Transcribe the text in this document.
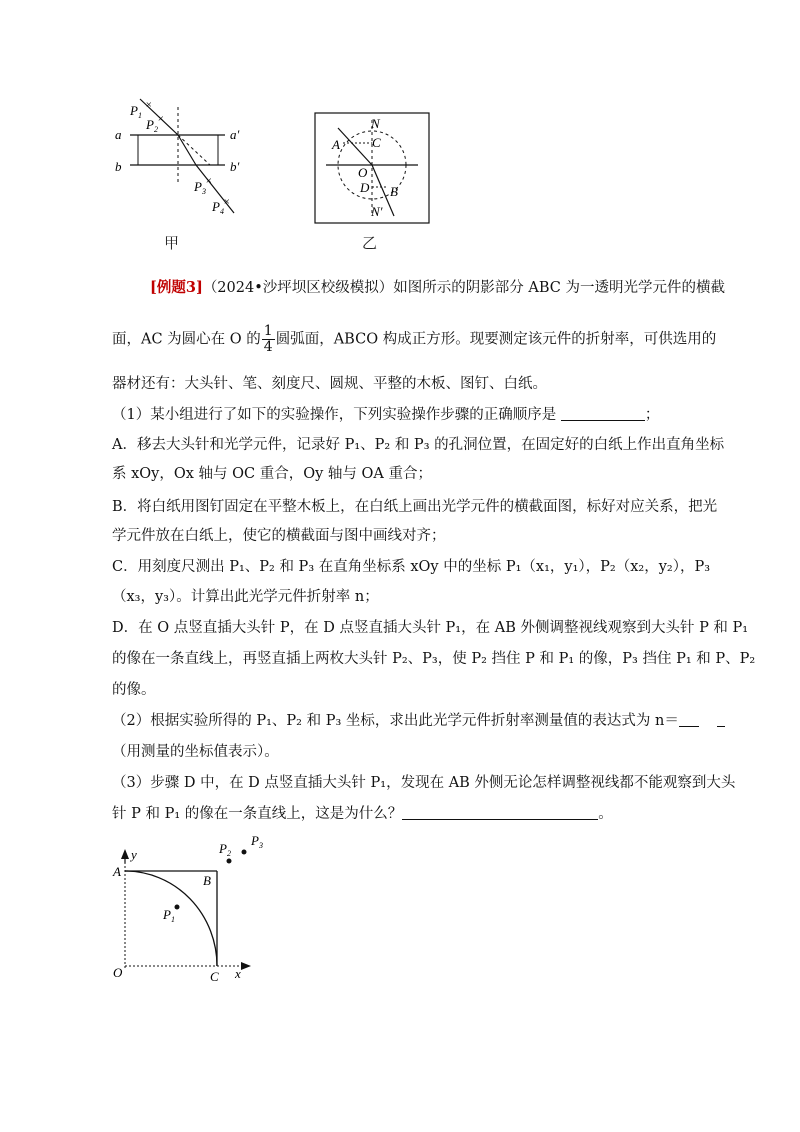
×
×
×
×
$P_1$
$P_2$
$P_3$
$P_4$
a	a′
b	b′
甲
N
N′
A C
O
D B
乙
[例题3]（2024•沙坪坝区校级模拟）如图所示的阴影部分 ABC 为一透明光学元件的横截
面，AC 为圆心在 O 的 $\frac{1}{4}$ 圆弧面，ABCO 构成正方形。现要测定该元件的折射率，可供选用的
器材还有：大头针、笔、刻度尺、圆规、平整的木板、图钉、白纸。
（1）某小组进行了如下的实验操作，下列实验操作步骤的正确顺序是	；
A．移去大头针和光学元件，记录好 P₁、P₂ 和 P₃ 的孔洞位置，在固定好的白纸上作出直角坐标
系 xOy，Ox 轴与 OC 重合，Oy 轴与 OA 重合；
B．将白纸用图钉固定在平整木板上，在白纸上画出光学元件的横截面图，标好对应关系，把光
学元件放在白纸上，使它的横截面与图中画线对齐；
C．用刻度尺测出 P₁、P₂ 和 P₃ 在直角坐标系 xOy 中的坐标 P₁（x₁，y₁），P₂（x₂，y₂），P₃
（x₃，y₃）。计算出此光学元件折射率 n；
D．在 O 点竖直插大头针 P，在 D 点竖直插大头针 P₁，在 AB 外侧调整视线观察到大头针 P 和 P₁
的像在一条直线上，再竖直插上两枚大头针 P₂、P₃，使 P₂ 挡住 P 和 P₁ 的像，P₃ 挡住 P₁ 和 P、P₂
的像。
（2）根据实验所得的 P₁、P₂ 和 P₃ 坐标，求出此光学元件折射率测量值的表达式为 n＝
（用测量的坐标值表示）。
（3）步骤 D 中，在 D 点竖直插大头针 P₁，发现在 AB 外侧无论怎样调整视线都不能观察到大头
针 P 和 P₁ 的像在一条直线上，这是为什么？	。
y
x
A
B
O	C
$P_1$
$P_2$
$P_3$
